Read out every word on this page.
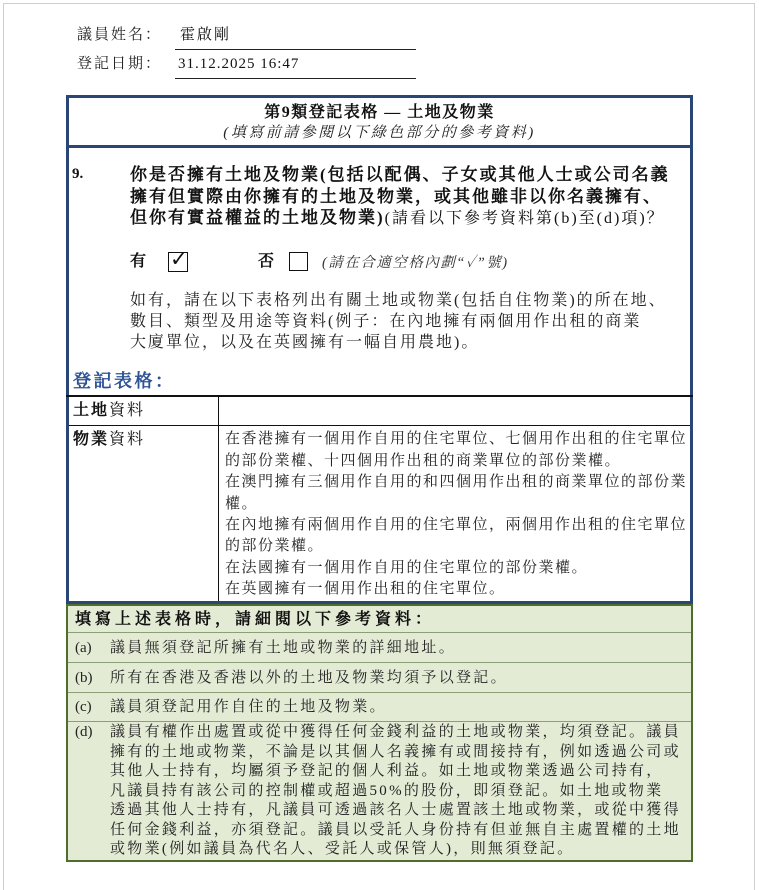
議員姓名： 霍啟剛
登記日期： 31.12.2025 16:47
第9類登記表格 — 土地及物業
(填寫前請參閱以下綠色部分的參考資料)
9.	你是否擁有土地及物業(包括以配偶、子女或其他人士或公司名義
擁有但實際由你擁有的土地及物業，或其他雖非以你名義擁有、
但你有實益權益的土地及物業)(請看以下參考資料第(b)至(d)項)？
有 ✓	否	(請在合適空格內劃“✓”號)
如有，請在以下表格列出有關土地或物業(包括自住物業)的所在地、
數目、類型及用途等資料(例子：在內地擁有兩個用作出租的商業
大廈單位，以及在英國擁有一幅自用農地)。
登記表格：
土地資料
物業資料	在香港擁有一個用作自用的住宅單位、七個用作出租的住宅單位
的部份業權、十四個用作出租的商業單位的部份業權。
在澳門擁有三個用作自用的和四個用作出租的商業單位的部份業
權。
在內地擁有兩個用作自用的住宅單位，兩個用作出租的住宅單位
的部份業權。
在法國擁有一個用作自用的住宅單位的部份業權。
在英國擁有一個用作出租的住宅單位。
填寫上述表格時，請細閱以下參考資料：
(a) 議員無須登記所擁有土地或物業的詳細地址。
(b) 所有在香港及香港以外的土地及物業均須予以登記。
(c) 議員須登記用作自住的土地及物業。
(d) 議員有權作出處置或從中獲得任何金錢利益的土地或物業，均須登記。議員
擁有的土地或物業，不論是以其個人名義擁有或間接持有，例如透過公司或
其他人士持有，均屬須予登記的個人利益。如土地或物業透過公司持有，
凡議員持有該公司的控制權或超過50%的股份，即須登記。如土地或物業
透過其他人士持有，凡議員可透過該名人士處置該土地或物業，或從中獲得
任何金錢利益，亦須登記。議員以受託人身份持有但並無自主處置權的土地
或物業(例如議員為代名人、受託人或保管人)，則無須登記。
